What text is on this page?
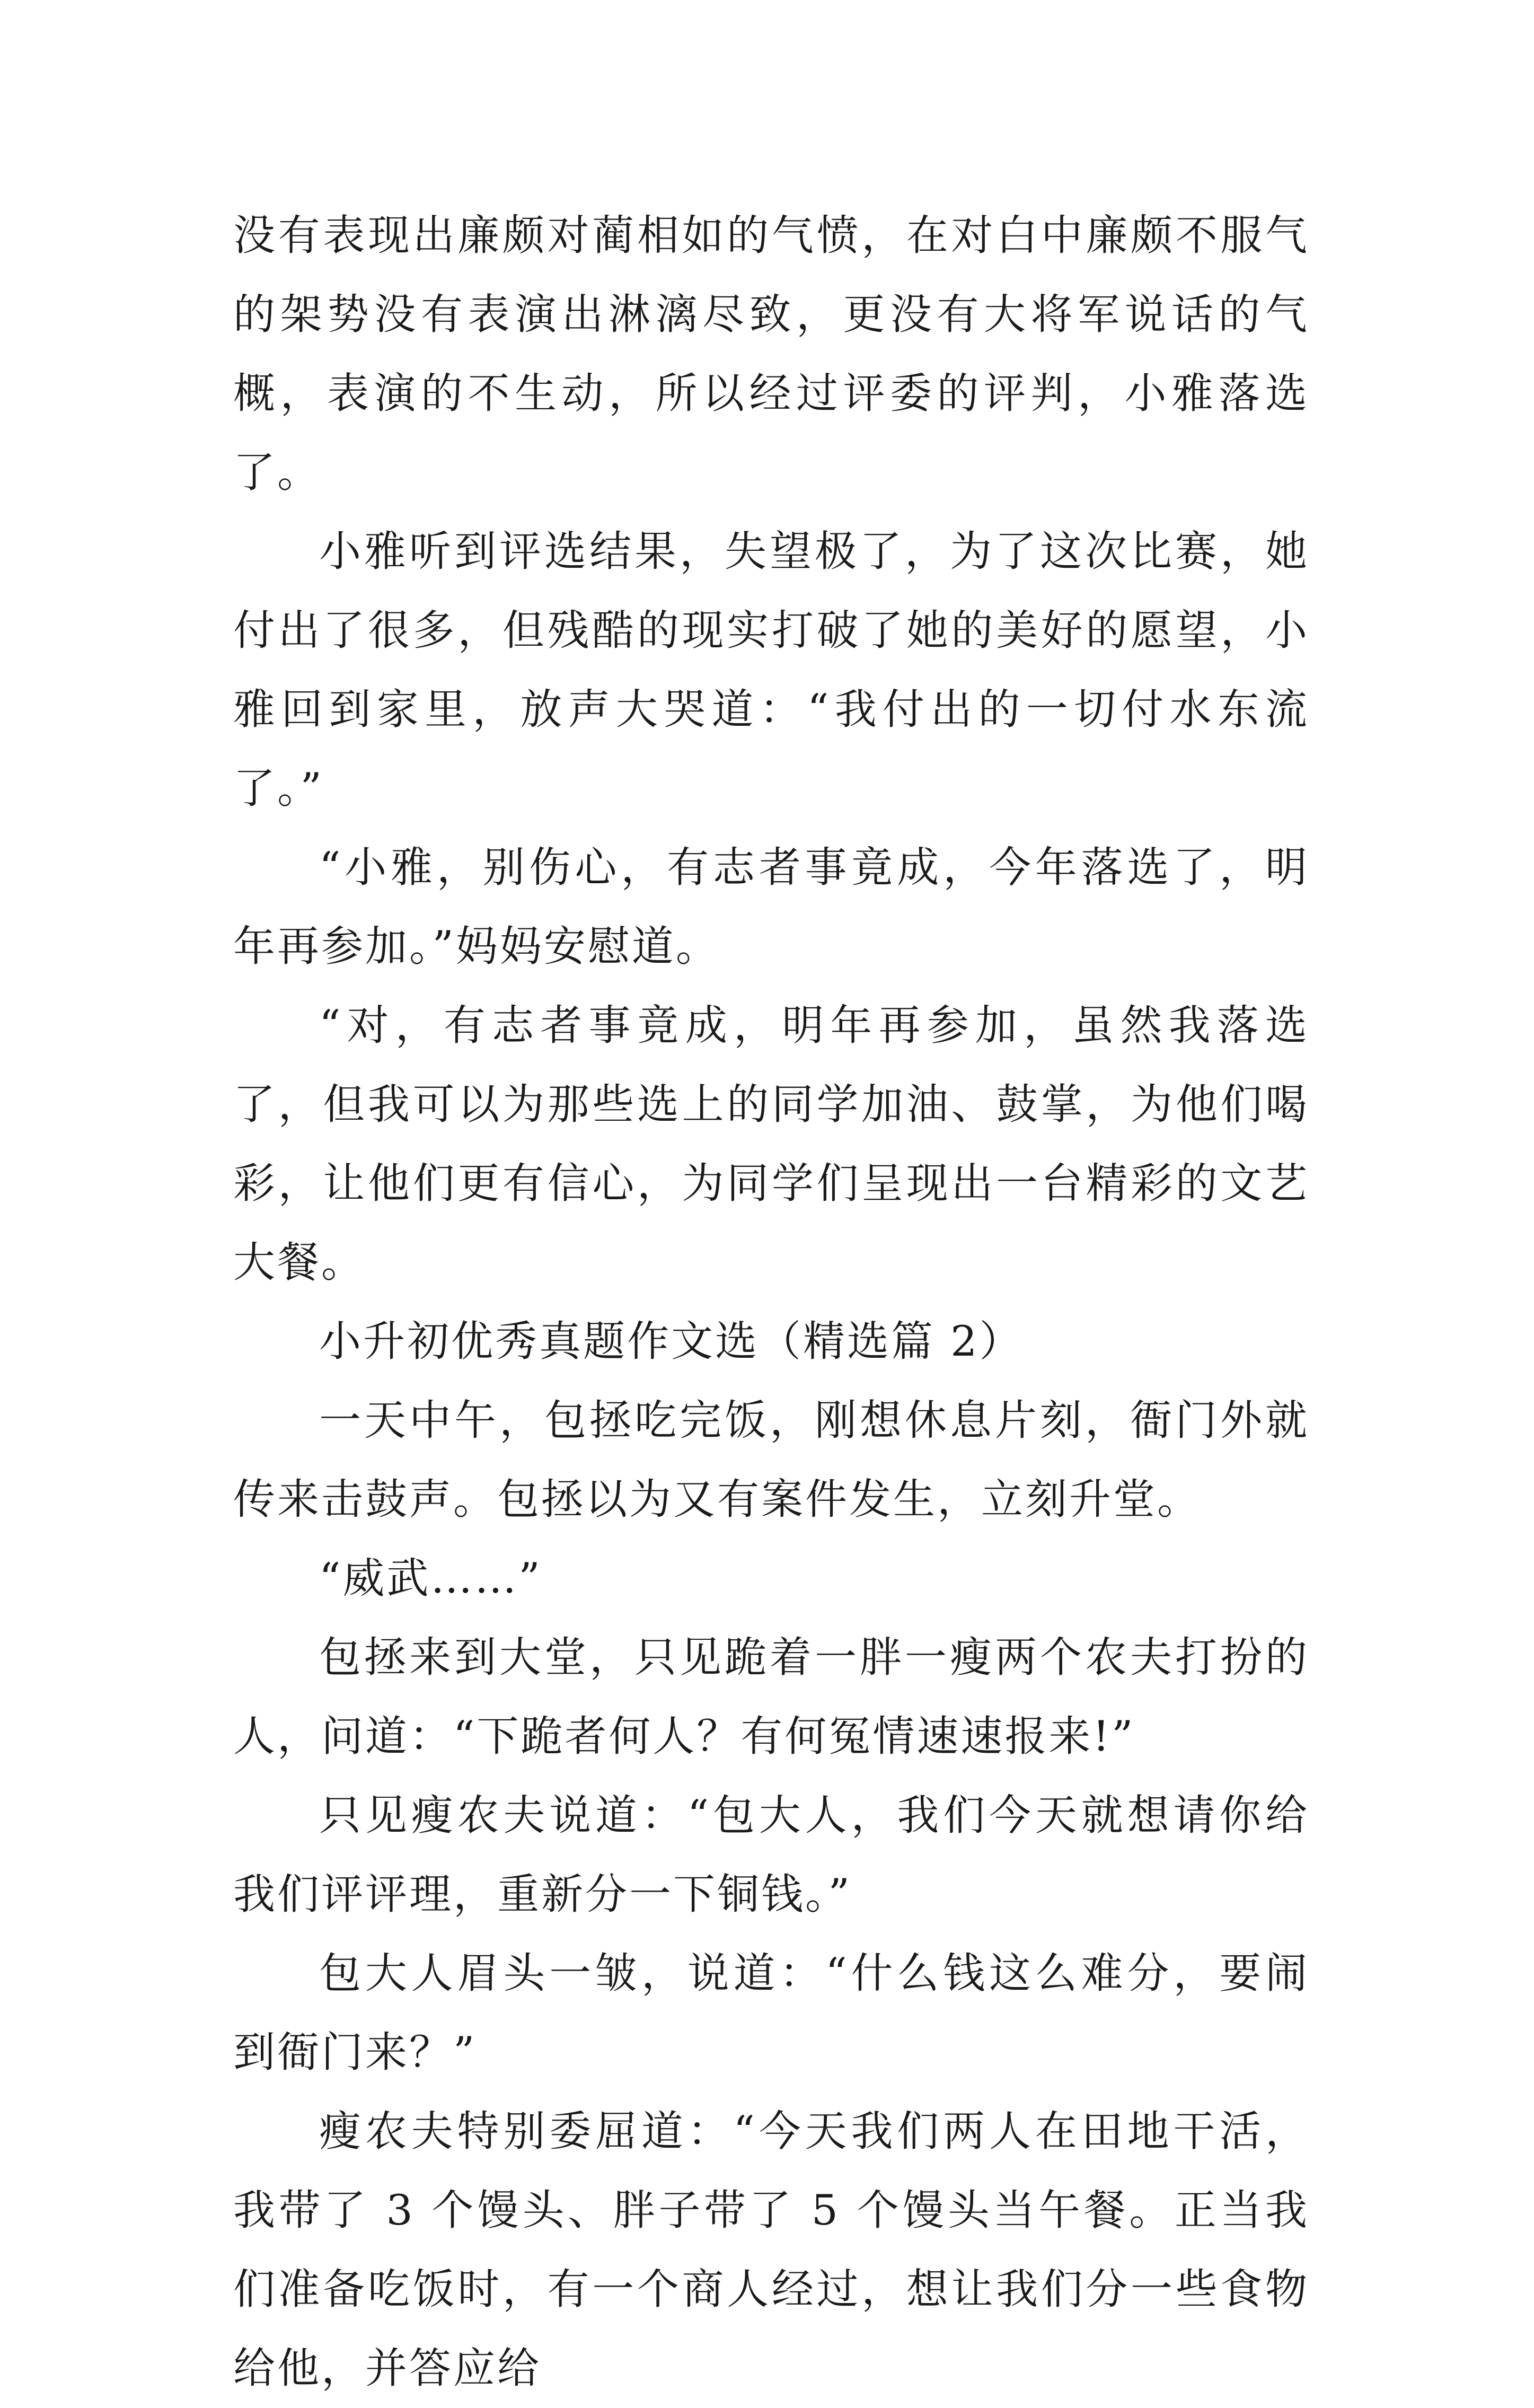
没有表现出廉颇对蔺相如的气愤，在对白中廉颇不服气的架势没有表演出淋漓尽致，更没有大将军说话的气概，表演的不生动，所以经过评委的评判，小雅落选了。

小雅听到评选结果，失望极了，为了这次比赛，她付出了很多，但残酷的现实打破了她的美好的愿望，小雅回到家里，放声大哭道：“我付出的一切付水东流了。”

“小雅，别伤心，有志者事竟成，今年落选了，明年再参加。”妈妈安慰道。

“对，有志者事竟成，明年再参加，虽然我落选了，但我可以为那些选上的同学加油、鼓掌，为他们喝彩，让他们更有信心，为同学们呈现出一台精彩的文艺大餐。

小升初优秀真题作文选（精选篇 2）

一天中午，包拯吃完饭，刚想休息片刻，衙门外就传来击鼓声。包拯以为又有案件发生，立刻升堂。

“威武……”

包拯来到大堂，只见跪着一胖一瘦两个农夫打扮的人，问道：“下跪者何人？有何冤情速速报来!”

只见瘦农夫说道：“包大人，我们今天就想请你给我们评评理，重新分一下铜钱。”

包大人眉头一皱，说道：“什么钱这么难分，要闹到衙门来？”

瘦农夫特别委屈道：“今天我们两人在田地干活，我带了 3 个馒头、胖子带了 5 个馒头当午餐。正当我们准备吃饭时，有一个商人经过，想让我们分一些食物给他，并答应给
